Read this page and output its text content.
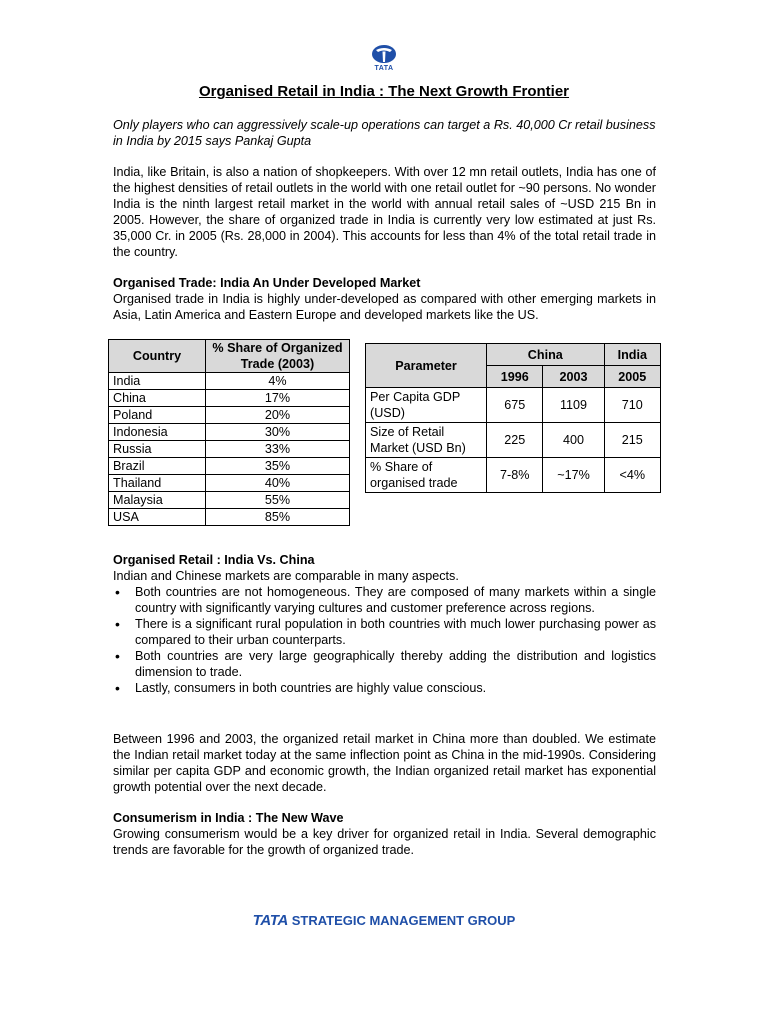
TATA
Organised Retail in India : The Next Growth Frontier
Only players who can aggressively scale-up operations can target a Rs. 40,000 Cr retail business in India by 2015 says Pankaj Gupta
India, like Britain, is also a nation of shopkeepers. With over 12 mn retail outlets, India has one of the highest densities of retail outlets in the world with one retail outlet for ~90 persons. No wonder India is the ninth largest retail market in the world with annual retail sales of ~USD 215 Bn in 2005. However, the share of organized trade in India is currently very low estimated at just Rs. 35,000 Cr. in 2005 (Rs. 28,000 in 2004). This accounts for less than 4% of the total retail trade in the country.
Organised Trade: India An Under Developed Market
Organised trade in India is highly under-developed as compared with other emerging markets in Asia, Latin America and Eastern Europe and developed markets like the US.
Country	% Share of Organized Trade (2003)
India	4%
China	17%
Poland	20%
Indonesia	30%
Russia	33%
Brazil	35%
Thailand	40%
Malaysia	55%
USA	85%
Parameter	China		India
	1996	2003	2005
Per Capita GDP (USD)	675	1109	710
Size of Retail Market (USD Bn)	225	400	215
% Share of organised trade	7-8%	~17%	<4%
Organised Retail : India Vs. China
Indian and Chinese markets are comparable in many aspects.
• Both countries are not homogeneous. They are composed of many markets within a single country with significantly varying cultures and customer preference across regions.
• There is a significant rural population in both countries with much lower purchasing power as compared to their urban counterparts.
• Both countries are very large geographically thereby adding the distribution and logistics dimension to trade.
• Lastly, consumers in both countries are highly value conscious.
Between 1996 and 2003, the organized retail market in China more than doubled. We estimate the Indian retail market today at the same inflection point as China in the mid-1990s. Considering similar per capita GDP and economic growth, the Indian organized retail market has exponential growth potential over the next decade.
Consumerism in India : The New Wave
Growing consumerism would be a key driver for organized retail in India. Several demographic trends are favorable for the growth of organized trade.
TATA STRATEGIC MANAGEMENT GROUP
